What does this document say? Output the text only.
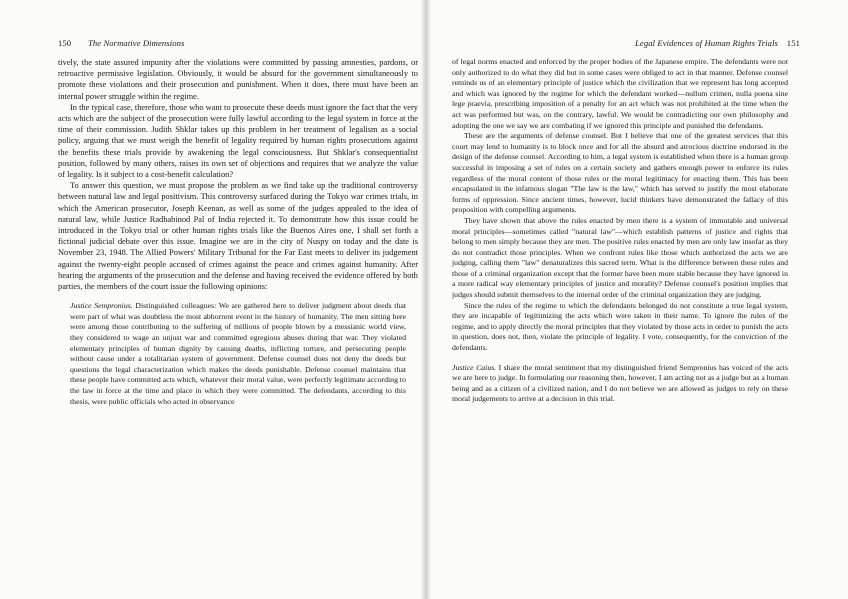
150 The Normative Dimensions

tively, the state assured impunity after the violations were committed by passing amnesties, pardons, or retroactive permissive legislation. Obviously, it would be absurd for the government simultaneously to promote these violations and their prosecution and punishment. When it does, there must have been an internal power struggle within the regime.

In the typical case, therefore, those who want to prosecute these deeds must ignore the fact that the very acts which are the subject of the prosecution were fully lawful according to the legal system in force at the time of their commission. Judith Shklar takes up this problem in her treatment of legalism as a social policy, arguing that we must weigh the benefit of legality required by human rights prosecutions against the benefits these trials provide by awakening the legal consciousness. But Shklar's consequentialist position, followed by many others, raises its own set of objections and requires that we analyze the value of legality. Is it subject to a cost-benefit calculation?

To answer this question, we must propose the problem as we find take up the traditional controversy between natural law and legal positivism. This controversy surfaced during the Tokyo war crimes trials, in which the American prosecutor, Joseph Keenan, as well as some of the judges appealed to the idea of natural law, while Justice Radhabinod Pal of India rejected it. To demonstrate how this issue could be introduced in the Tokyo trial or other human rights trials like the Buenos Aires one, I shall set forth a fictional judicial debate over this issue. Imagine we are in the city of Nuspy on today and the date is November 23, 1948. The Allied Powers' Military Tribunal for the Far East meets to deliver its judgement against the twenty-eight people accused of crimes against the peace and crimes against humanity. After hearing the arguments of the prosecution and the defense and having received the evidence offered by both parties, the members of the court issue the following opinions:

Justice Sempronius. Distinguished colleagues: We are gathered here to deliver judgment about deeds that were part of what was doubtless the most abhorrent event in the history of humanity. The men sitting here were among those contributing to the suffering of millions of people blown by a messianic world view, they considered to wage an unjust war and committed egregious abuses during that war. They violated elementary principles of human dignity by causing deaths, inflicting torture, and persecuting people without cause under a totalitarian system of government. Defense counsel does not deny the deeds but questions the legal characterization which makes the deeds punishable. Defense counsel maintains that these people have committed acts which, whatever their moral value, were perfectly legitimate according to the law in force at the time and place in which they were committed. The defendants, according to this thesis, were public officials who acted in observance

Legal Evidences of Human Rights Trials 151

of legal norms enacted and enforced by the proper bodies of the Japanese empire. The defendants were not only authorized to do what they did but in some cases were obliged to act in that manner. Defense counsel reminds us of an elementary principle of justice which the civilization that we represent has long accepted and which was ignored by the regime for which the defendant worked—nullum crimen, nulla poena sine lege praevia, prescribing imposition of a penalty for an act which was not prohibited at the time when the act was performed but was, on the contrary, lawful. We would be contradicting our own philosophy and adopting the one we say we are combating if we ignored this principle and punished the defendants.

These are the arguments of defense counsel. But I believe that one of the greatest services that this court may lend to humanity is to block once and for all the absurd and atrocious doctrine endorsed in the design of the defense counsel. According to him, a legal system is established when there is a human group successful in imposing a set of rules on a certain society and gathers enough power to enforce its rules regardless of the moral content of those rules or the moral legitimacy for enacting them. This has been encapsulated in the infamous slogan "The law is the law," which has served to justify the most elaborate forms of oppression. Since ancient times, however, lucid thinkers have demonstrated the fallacy of this proposition with compelling arguments.

They have shown that above the rules enacted by men there is a system of immutable and universal moral principles—sometimes called "natural law"—which establish patterns of justice and rights that belong to men simply because they are men. The positive rules enacted by men are only law insofar as they do not contradict those principles. When we confront rules like those which authorized the acts we are judging, calling them "law" denaturalizes this sacred term. What is the difference between these rules and those of a criminal organization except that the former have been more stable because they have ignored in a more radical way elementary principles of justice and morality? Defense counsel's position implies that judges should submit themselves to the internal order of the criminal organization they are judging.

Since the rules of the regime to which the defendants belonged do not constitute a true legal system, they are incapable of legitimizing the acts which were taken in their name. To ignore the rules of the regime, and to apply directly the moral principles that they violated by those acts in order to punish the acts in question, does not, then, violate the principle of legality. I vote, consequently, for the conviction of the defendants.

Justice Caius. I share the moral sentiment that my distinguished friend Sempronius has voiced of the acts we are here to judge. In formulating our reasoning then, however, I am acting not as a judge but as a human being and as a citizen of a civilized nation, and I do not believe we are allowed as judges to rely on these moral judgements to arrive at a decision in this trial.
